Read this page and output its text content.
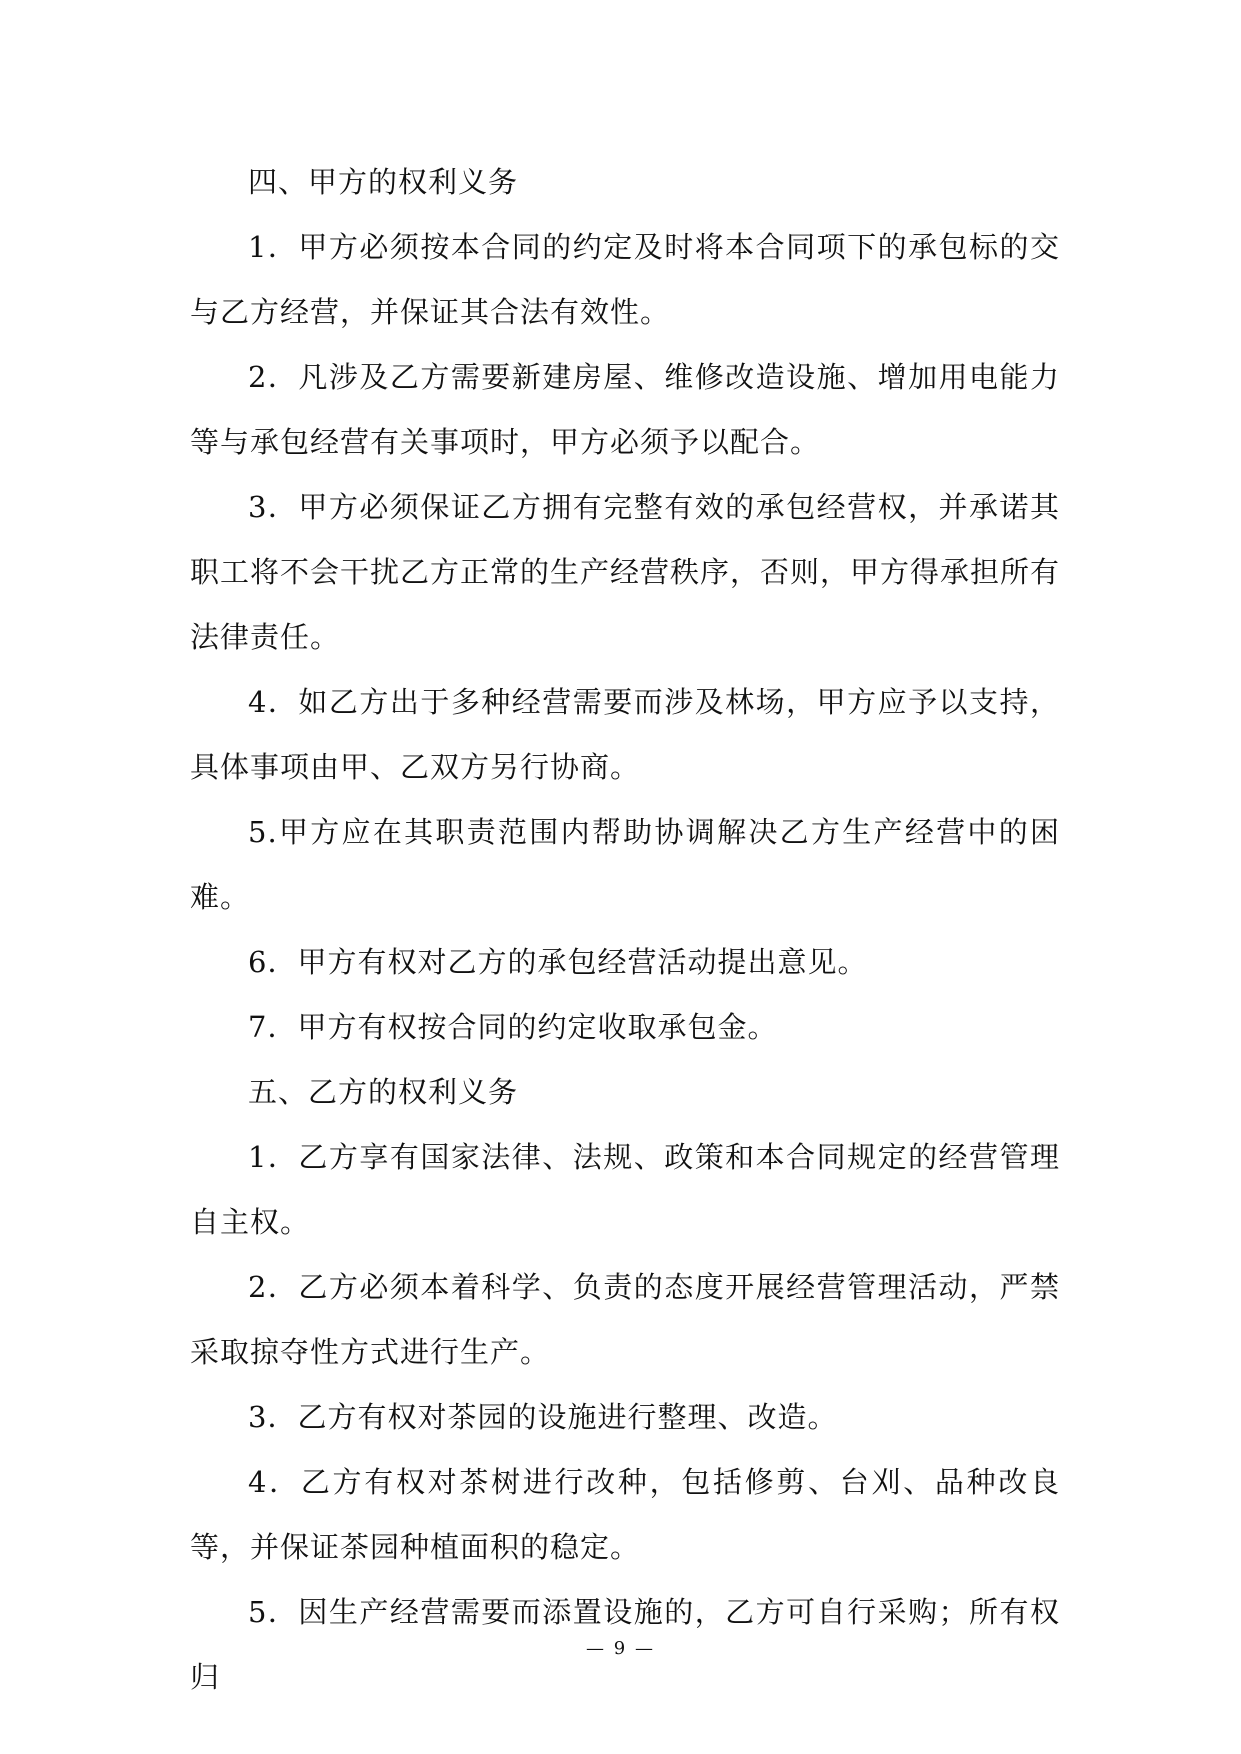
四、甲方的权利义务

1．甲方必须按本合同的约定及时将本合同项下的承包标的交与乙方经营，并保证其合法有效性。

2．凡涉及乙方需要新建房屋、维修改造设施、增加用电能力等与承包经营有关事项时，甲方必须予以配合。

3．甲方必须保证乙方拥有完整有效的承包经营权，并承诺其职工将不会干扰乙方正常的生产经营秩序，否则，甲方得承担所有法律责任。

4．如乙方出于多种经营需要而涉及林场，甲方应予以支持，具体事项由甲、乙双方另行协商。

5.甲方应在其职责范围内帮助协调解决乙方生产经营中的困难。

6．甲方有权对乙方的承包经营活动提出意见。

7．甲方有权按合同的约定收取承包金。

五、乙方的权利义务

1．乙方享有国家法律、法规、政策和本合同规定的经营管理自主权。

2．乙方必须本着科学、负责的态度开展经营管理活动，严禁采取掠夺性方式进行生产。

3．乙方有权对茶园的设施进行整理、改造。

4．乙方有权对茶树进行改种，包括修剪、台刈、品种改良等，并保证茶园种植面积的稳定。

5．因生产经营需要而添置设施的，乙方可自行采购；所有权归

— 9 —
